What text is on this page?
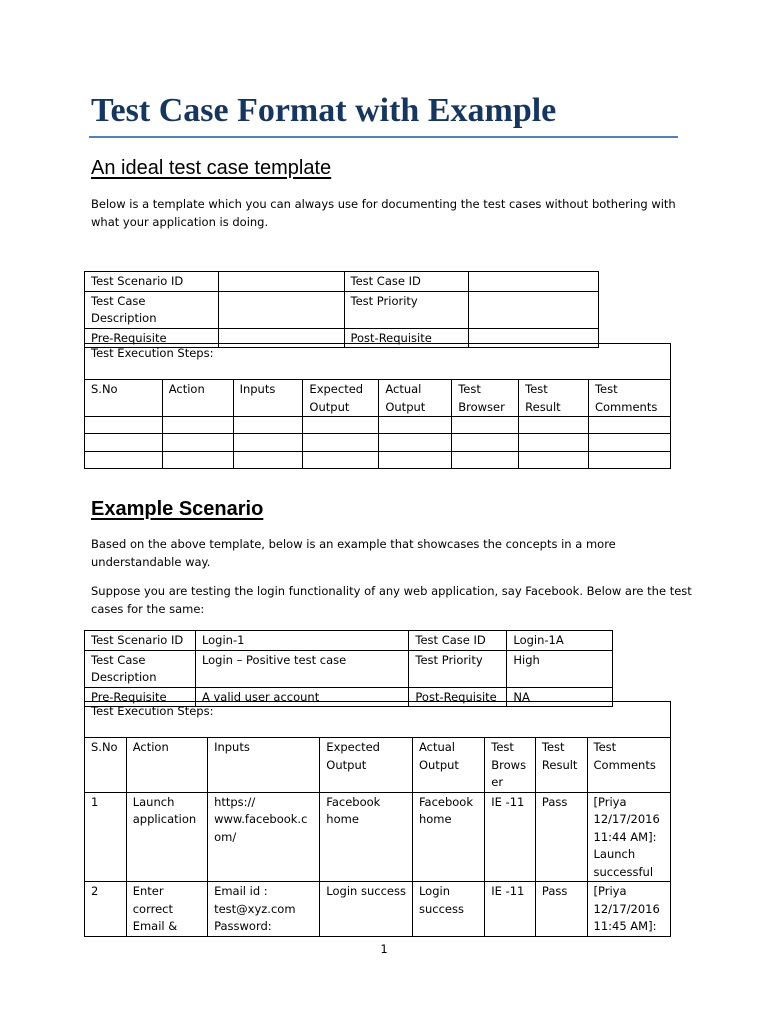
Test Case Format with Example
An ideal test case template
Below is a template which you can always use for documenting the test cases without bothering with
what your application is doing.
Test Scenario ID		Test Case ID	

Test Case
Description		Test Priority	

Pre-Requisite		Post-Requisite	

Test Execution Steps:							

S.No	Action	Inputs	Expected
Output	Actual
Output	Test
Browser	Test
Result	Test
Comments

Example Scenario
Based on the above template, below is an example that showcases the concepts in a more
understandable way.
Suppose you are testing the login functionality of any web application, say Facebook. Below are the test
cases for the same:
Test Scenario ID	Login-1	Test Case ID	Login-1A

Test Case
Description	Login – Positive test case	Test Priority	High

Pre-Requisite	A valid user account	Post-Requisite	NA
Test Execution Steps:							

S.No	Action	Inputs	Expected
Output	Actual
Output	Test
Brows
er	Test
Result	Test
Comments

1	Launch
application	https://
www.facebook.c
om/	Facebook
home	Facebook
home	IE -11	Pass	[Priya
12/17/2016
11:44 AM]:
Launch
successful

2	Enter
correct
Email &	Email id :
test@xyz.com
Password:	Login success	Login
success	IE -11	Pass	[Priya
12/17/2016
11:45 AM]:
1
